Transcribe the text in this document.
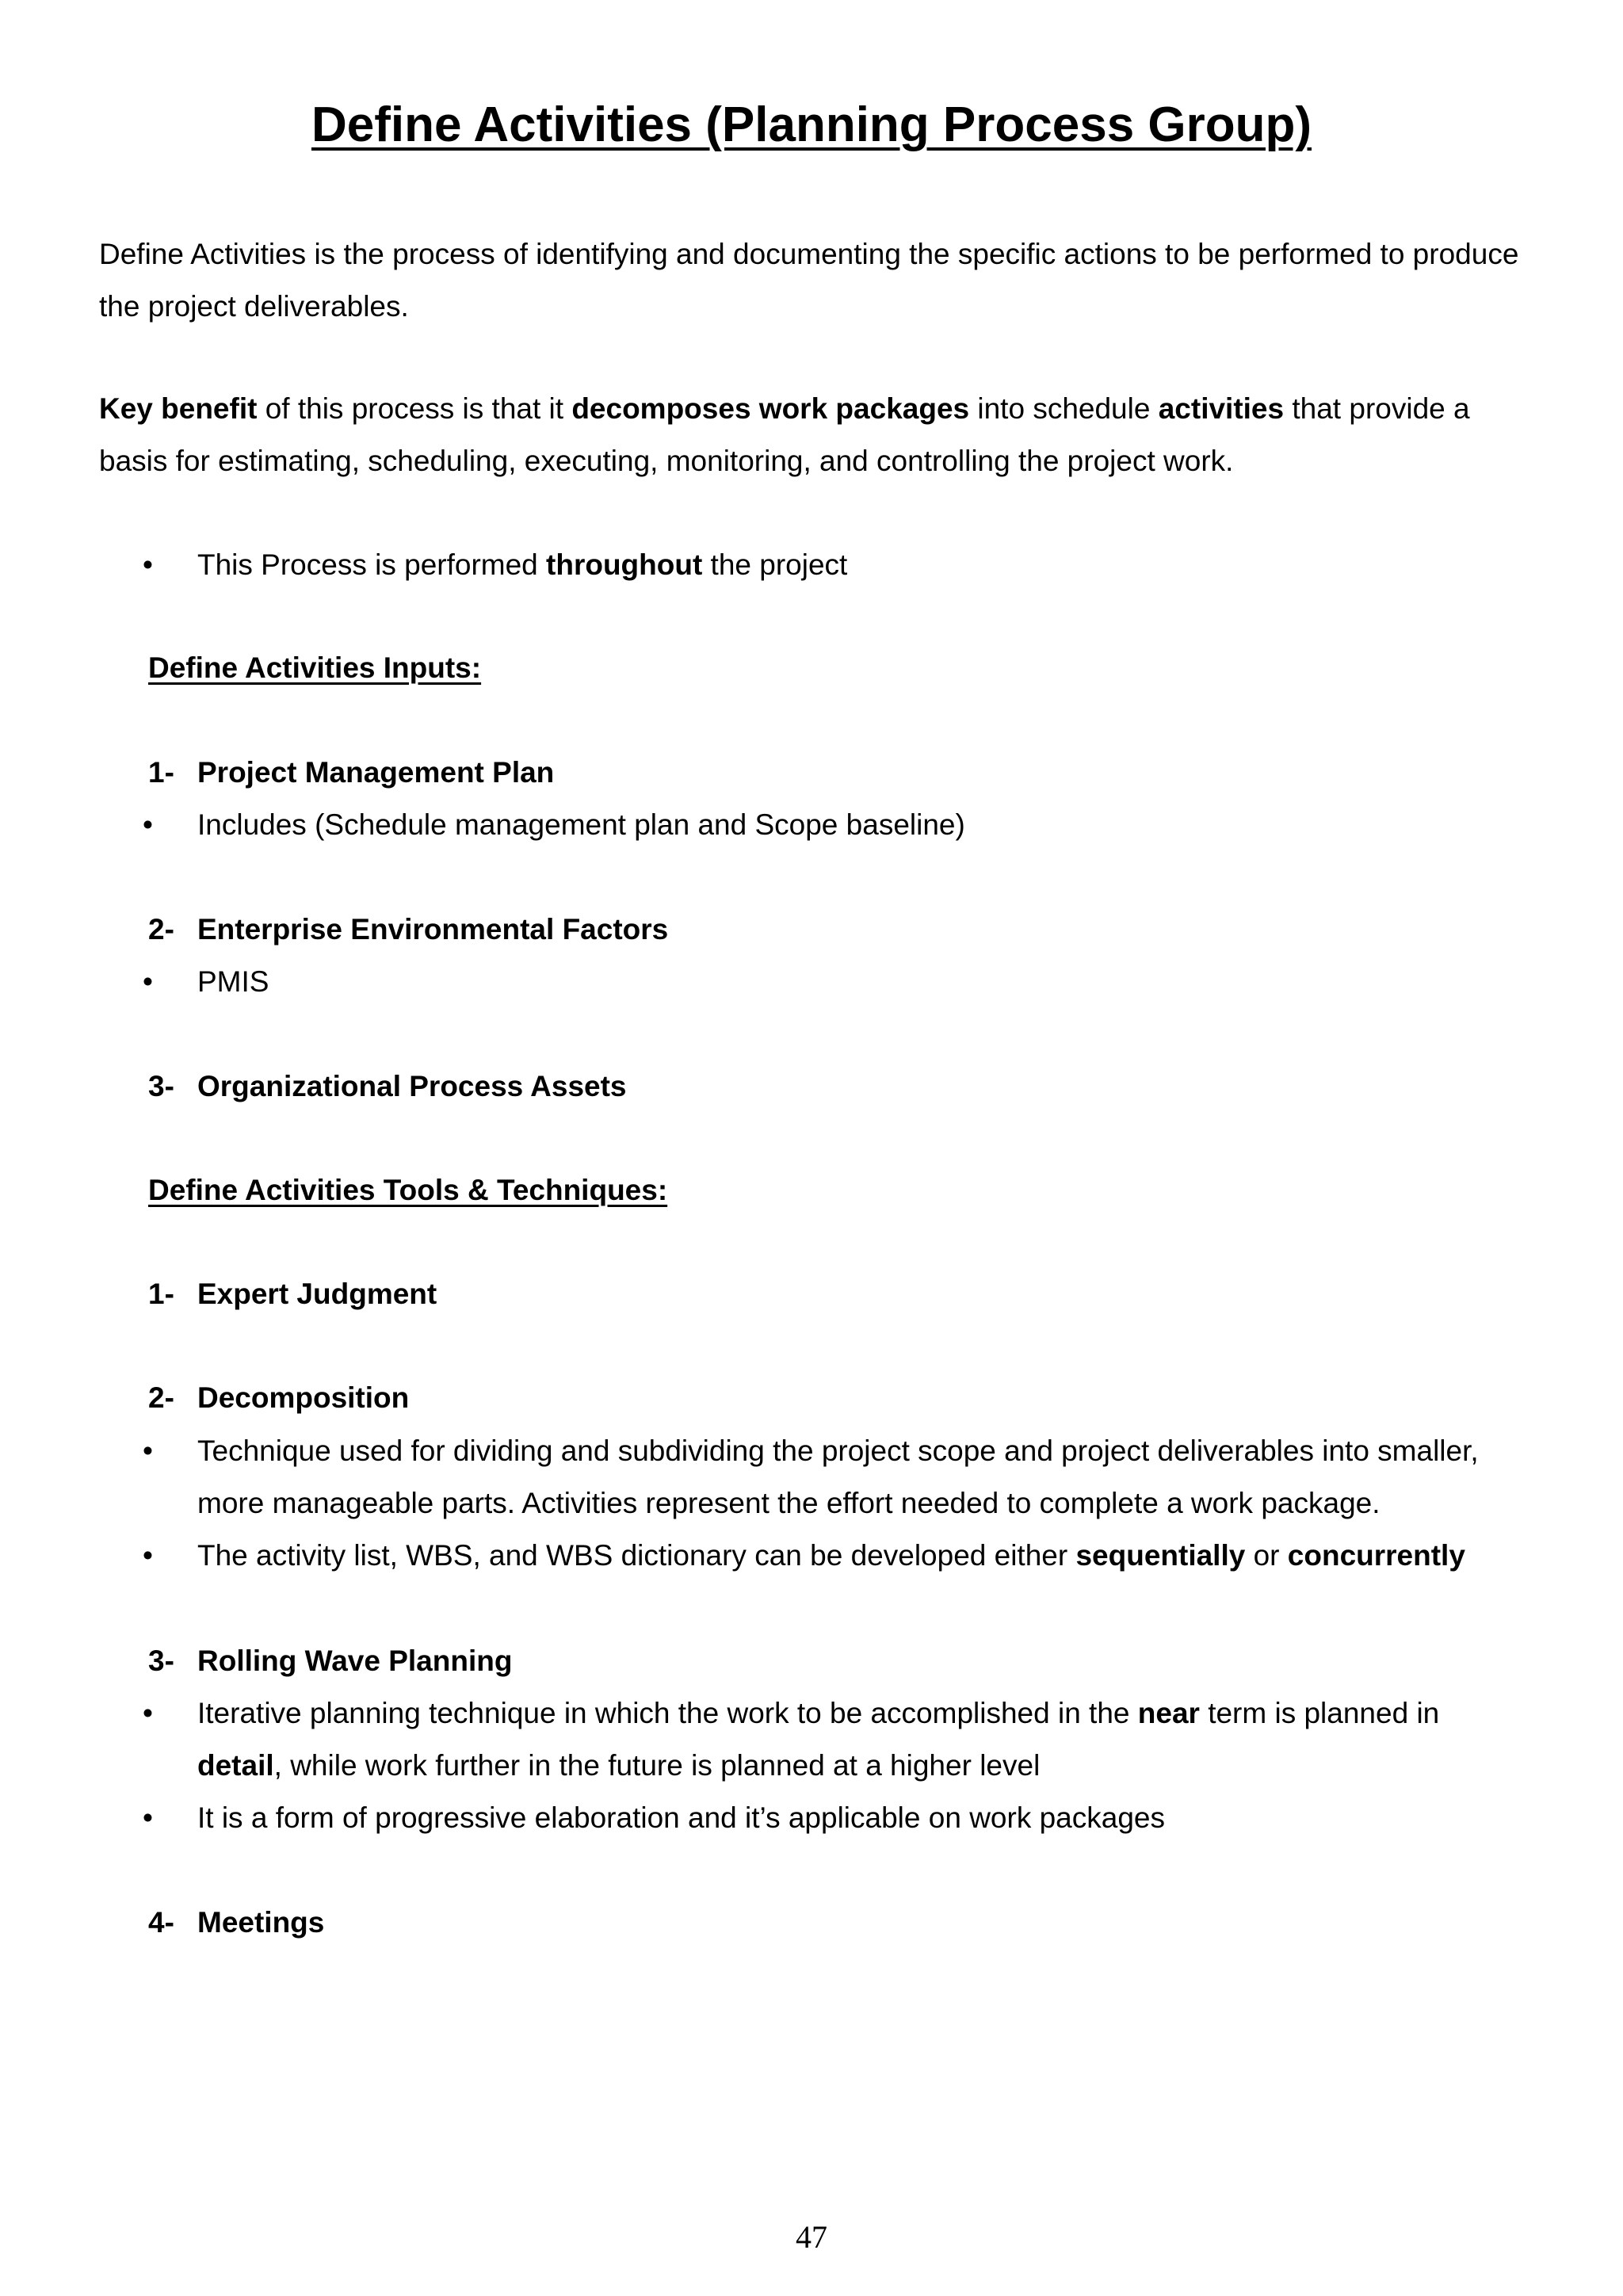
Define Activities (Planning Process Group)

Define Activities is the process of identifying and documenting the specific actions to be performed to produce the project deliverables.

Key benefit of this process is that it decomposes work packages into schedule activities that provide a basis for estimating, scheduling, executing, monitoring, and controlling the project work.

• This Process is performed throughout the project

Define Activities Inputs:
1- Project Management Plan
• Includes (Schedule management plan and Scope baseline)
2- Enterprise Environmental Factors
• PMIS
3- Organizational Process Assets
Define Activities Tools & Techniques:
1- Expert Judgment
2- Decomposition
• Technique used for dividing and subdividing the project scope and project deliverables into smaller, more manageable parts. Activities represent the effort needed to complete a work package.
• The activity list, WBS, and WBS dictionary can be developed either sequentially or concurrently
3- Rolling Wave Planning
• Iterative planning technique in which the work to be accomplished in the near term is planned in detail, while work further in the future is planned at a higher level
• It is a form of progressive elaboration and it’s applicable on work packages
4- Meetings
47
